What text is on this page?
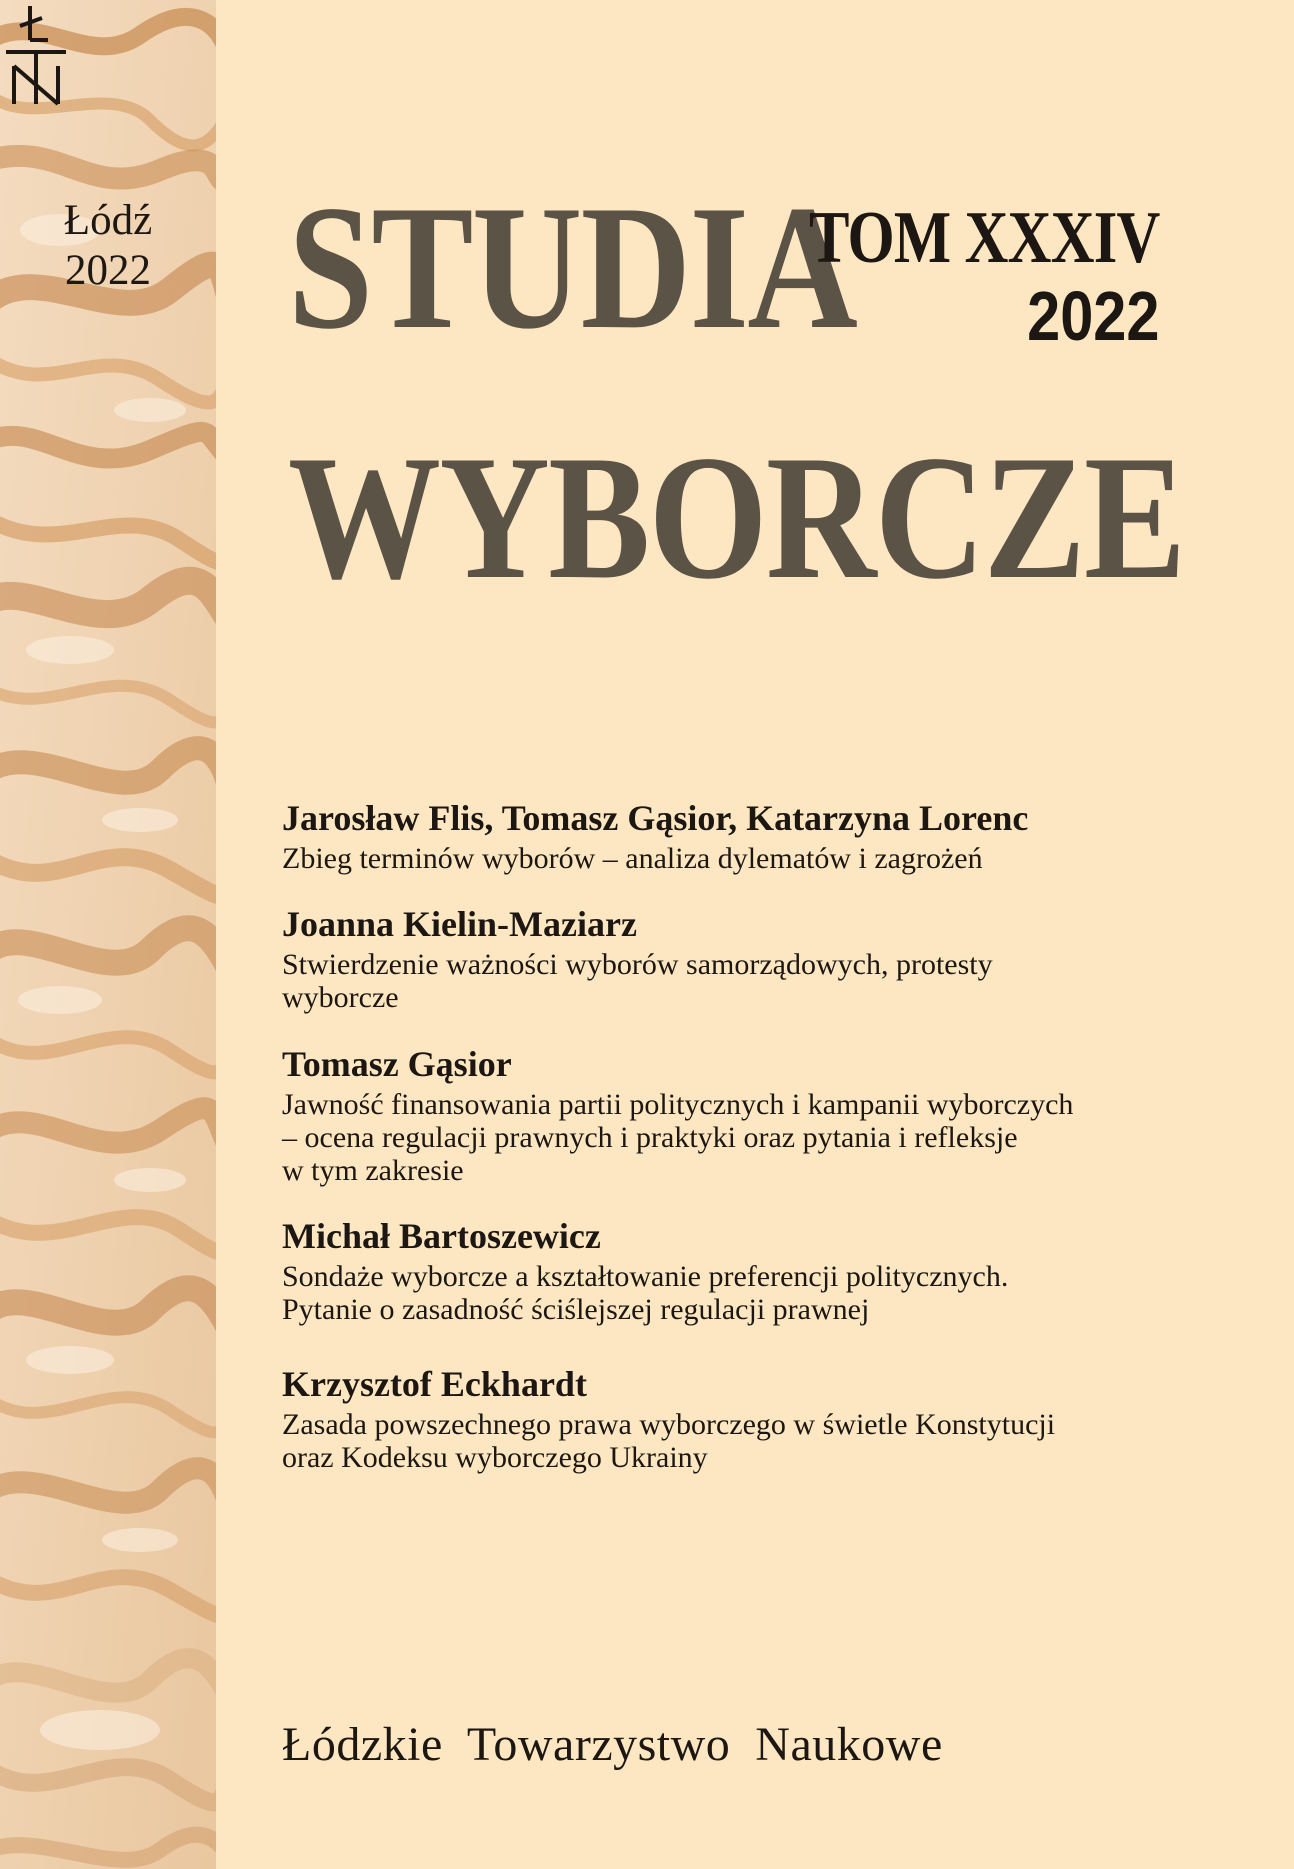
Łódź
2022 STUDIA
WYBORCZE
TOM XXXIV
2022
Jarosław Flis, Tomasz Gąsior, Katarzyna Lorenc
Zbieg terminów wyborów – analiza dylematów i zagrożeń
Joanna Kielin-Maziarz
Stwierdzenie ważności wyborów samorządowych, protesty
wyborcze
Tomasz Gąsior
Jawność finansowania partii politycznych i kampanii wyborczych
– ocena regulacji prawnych i praktyki oraz pytania i refleksje
w tym zakresie
Michał Bartoszewicz
Sondaże wyborcze a kształtowanie preferencji politycznych.
Pytanie o zasadność ściślejszej regulacji prawnej
Krzysztof Eckhardt
Zasada powszechnego prawa wyborczego w świetle Konstytucji
oraz Kodeksu wyborczego Ukrainy
Łódzkie  Towarzystwo  Naukowe
